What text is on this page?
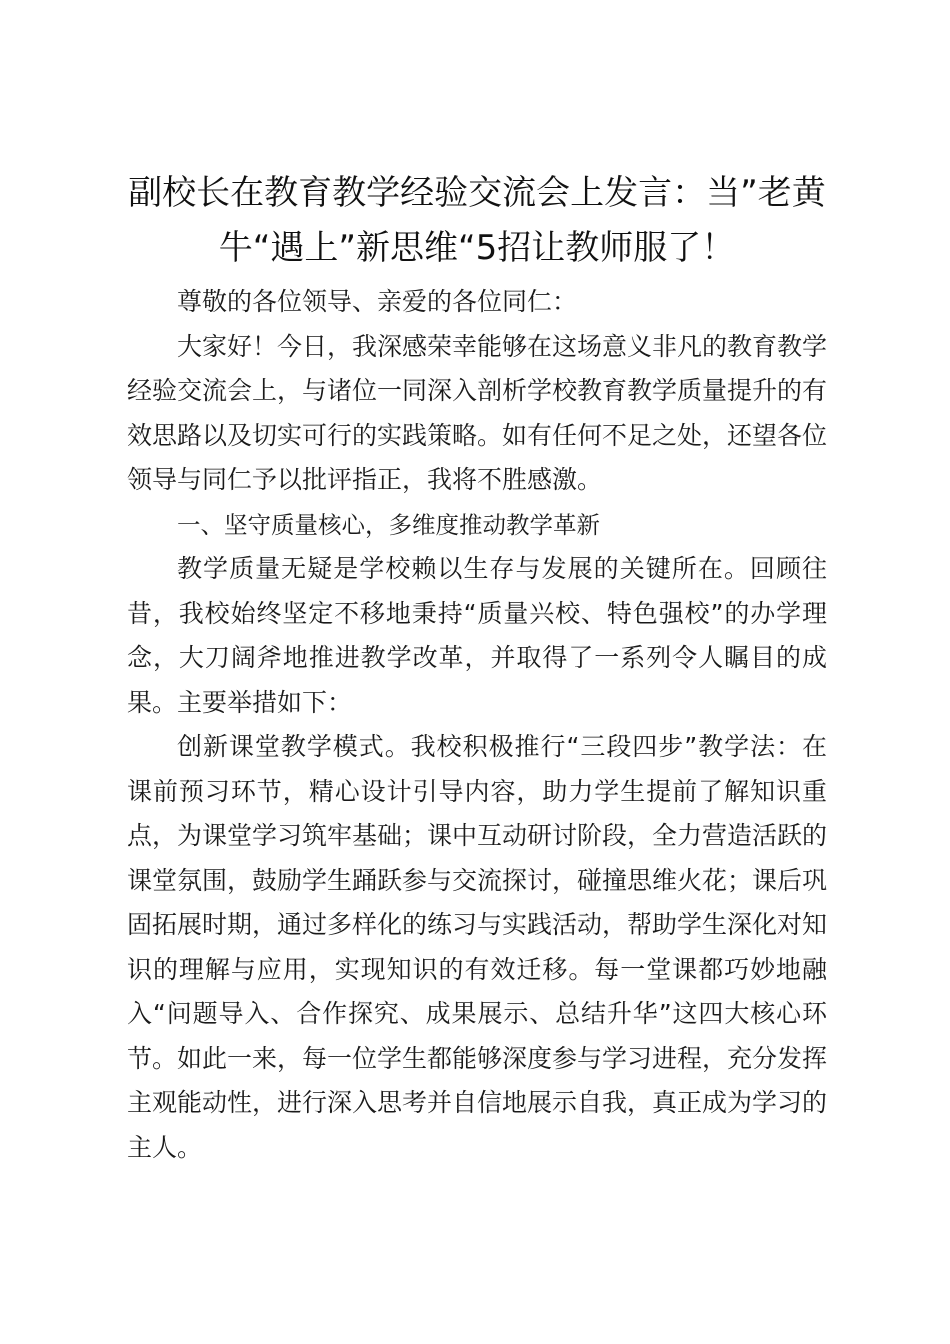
副校长在教育教学经验交流会上发言：当”老黄牛“遇上”新思维“5招让教师服了！

尊敬的各位领导、亲爱的各位同仁：

大家好！今日，我深感荣幸能够在这场意义非凡的教育教学经验交流会上，与诸位一同深入剖析学校教育教学质量提升的有效思路以及切实可行的实践策略。如有任何不足之处，还望各位领导与同仁予以批评指正，我将不胜感激。

一、坚守质量核心，多维度推动教学革新

教学质量无疑是学校赖以生存与发展的关键所在。回顾往昔，我校始终坚定不移地秉持“质量兴校、特色强校”的办学理念，大刀阔斧地推进教学改革，并取得了一系列令人瞩目的成果。主要举措如下：

创新课堂教学模式。我校积极推行“三段四步”教学法：在课前预习环节，精心设计引导内容，助力学生提前了解知识重点，为课堂学习筑牢基础；课中互动研讨阶段，全力营造活跃的课堂氛围，鼓励学生踊跃参与交流探讨，碰撞思维火花；课后巩固拓展时期，通过多样化的练习与实践活动，帮助学生深化对知识的理解与应用，实现知识的有效迁移。每一堂课都巧妙地融入“问题导入、合作探究、成果展示、总结升华”这四大核心环节。如此一来，每一位学生都能够深度参与学习进程，充分发挥主观能动性，进行深入思考并自信地展示自我，真正成为学习的主人。
